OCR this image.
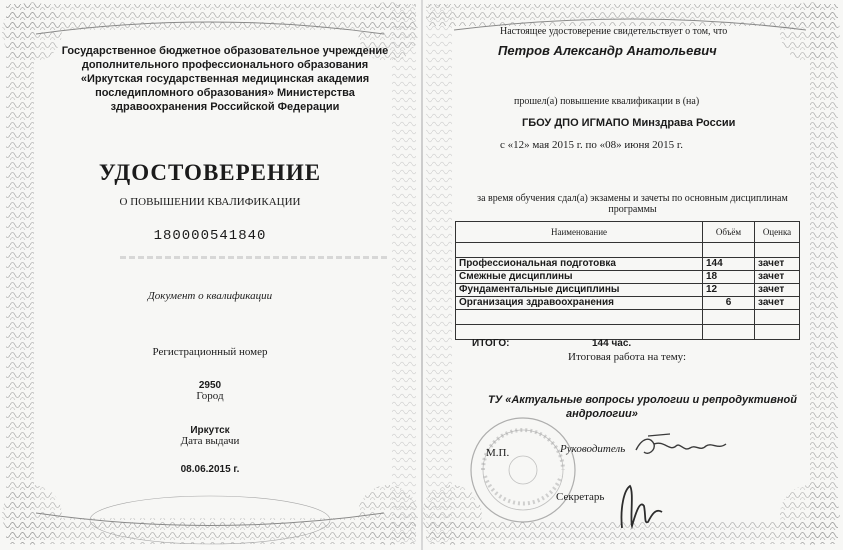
Государственное бюджетное образовательное учреждение дополнительного профессионального образования «Иркутская государственная медицинская академия последипломного образования» Министерства здравоохранения Российской Федерации
УДОСТОВЕРЕНИЕ
О ПОВЫШЕНИИ КВАЛИФИКАЦИИ
180000541840
Документ о квалификации
Регистрационный номер
2950
Город
Иркутск
Дата выдачи
08.06.2015 г.
Настоящее удостоверение свидетельствует о том, что
Петров Александр Анатольевич
прошел(а) повышение квалификации в (на)
ГБОУ ДПО ИГМАПО Минздрава России
с «12» мая 2015 г. по «08» июня 2015 г.
за время обучения сдал(а) экзамены и зачеты по основным дисциплинам программы
Наименование	Объём	Оценка

Профессиональная подготовка	144	зачет
Смежные дисциплины	18	зачет
Фундаментальные дисциплины	12	зачет
Организация здравоохранения	6	зачет

ИТОГО:	144 час.
Итоговая работа на тему:
ТУ «Актуальные вопросы урологии и репродуктивной
андрологии»
М.П.	Руководитель
Секретарь
